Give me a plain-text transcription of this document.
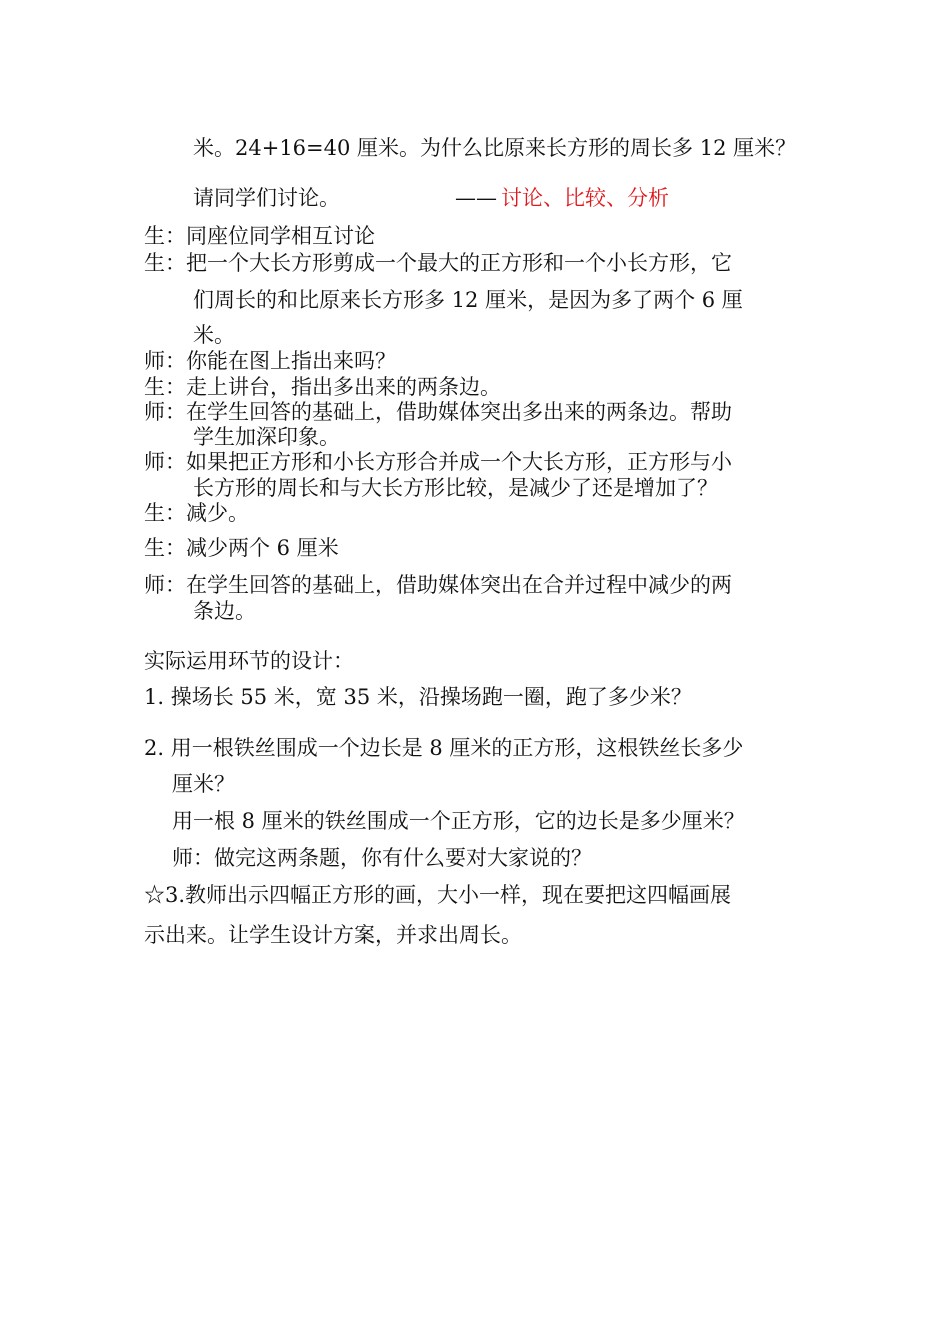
米。24+16=40 厘米。为什么比原来长方形的周长多 12 厘米？
请同学们讨论。	—— 讨论、比较、分析
生：同座位同学相互讨论
生：把一个大长方形剪成一个最大的正方形和一个小长方形，它
们周长的和比原来长方形多 12 厘米，是因为多了两个 6 厘
米。
师：你能在图上指出来吗？
生：走上讲台，指出多出来的两条边。
师：在学生回答的基础上，借助媒体突出多出来的两条边。帮助
学生加深印象。
师：如果把正方形和小长方形合并成一个大长方形，正方形与小
长方形的周长和与大长方形比较，是减少了还是增加了？
生：减少。
生：减少两个 6 厘米
师：在学生回答的基础上，借助媒体突出在合并过程中减少的两
条边。
实际运用环节的设计：
1. 操场长 55 米，宽 35 米，沿操场跑一圈，跑了多少米？
2. 用一根铁丝围成一个边长是 8 厘米的正方形，这根铁丝长多少
厘米？
用一根 8 厘米的铁丝围成一个正方形，它的边长是多少厘米？
师：做完这两条题，你有什么要对大家说的？
☆3.教师出示四幅正方形的画，大小一样，现在要把这四幅画展
示出来。让学生设计方案，并求出周长。
